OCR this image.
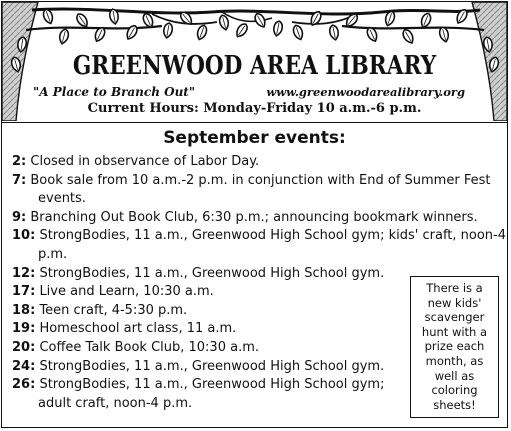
GREENWOOD AREA LIBRARY
"A Place to Branch Out"	www.greenwoodarealibrary.org
Current Hours: Monday-Friday 10 a.m.-6 p.m.
September events:
2: Closed in observance of Labor Day.
7: Book sale from 10 a.m.-2 p.m. in conjunction with End of Summer Fest events.
9: Branching Out Book Club, 6:30 p.m.; announcing bookmark winners.
10: StrongBodies, 11 a.m., Greenwood High School gym; kids' craft, noon-4 p.m.
12: StrongBodies, 11 a.m., Greenwood High School gym.
17: Live and Learn, 10:30 a.m.
18: Teen craft, 4-5:30 p.m.
19: Homeschool art class, 11 a.m.
20: Coffee Talk Book Club, 10:30 a.m.
24: StrongBodies, 11 a.m., Greenwood High School gym.
26: StrongBodies, 11 a.m., Greenwood High School gym; adult craft, noon-4 p.m.
There is a new kids' scavenger hunt with a prize each month, as well as coloring sheets!
